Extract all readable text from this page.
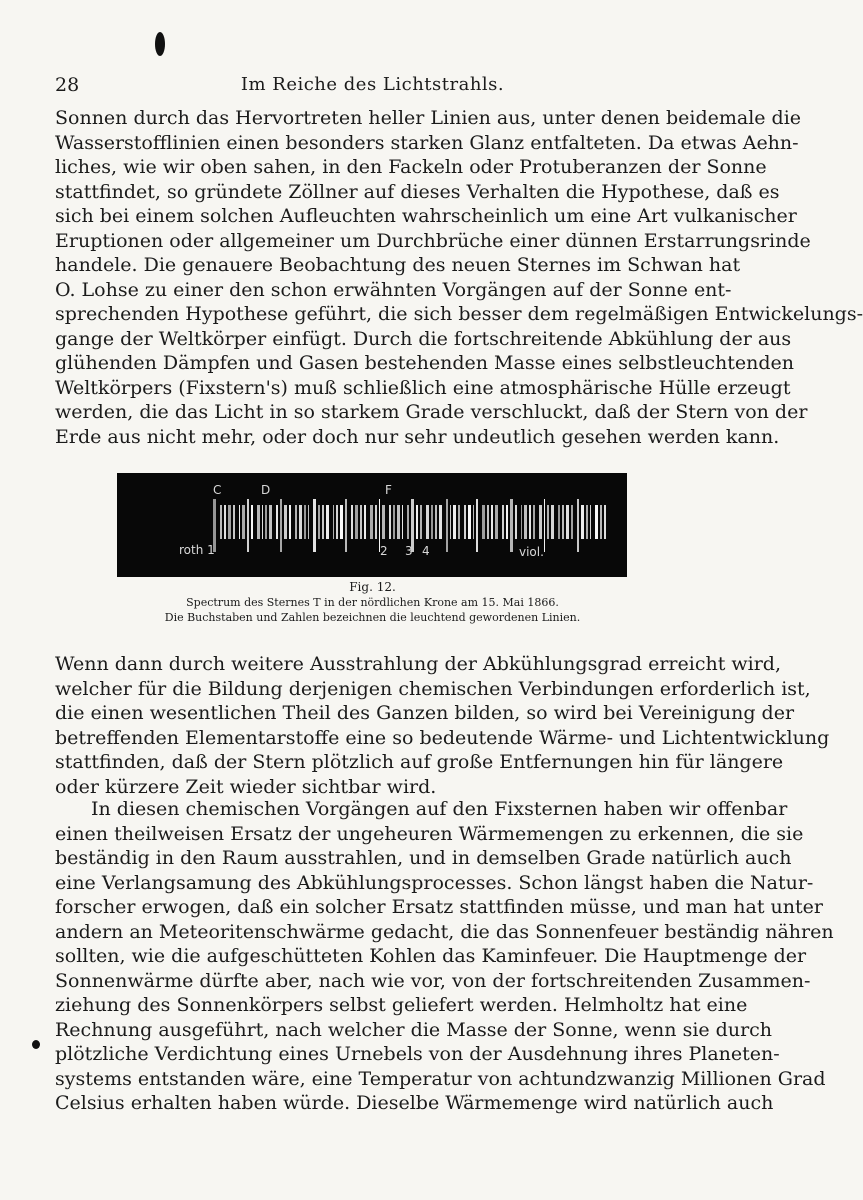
28	Im Reiche des Lichtstrahls.
Sonnen durch das Hervortreten heller Linien aus, unter denen beidemale die
Wasserstofflinien einen besonders starken Glanz entfalteten. Da etwas Aehn-
liches, wie wir oben sahen, in den Fackeln oder Protuberanzen der Sonne
stattfindet, so gründete Zöllner auf dieses Verhalten die Hypothese, daß es
sich bei einem solchen Aufleuchten wahrscheinlich um eine Art vulkanischer
Eruptionen oder allgemeiner um Durchbrüche einer dünnen Erstarrungsrinde
handele. Die genauere Beobachtung des neuen Sternes im Schwan hat
O. Lohse zu einer den schon erwähnten Vorgängen auf der Sonne ent-
sprechenden Hypothese geführt, die sich besser dem regelmäßigen Entwickelungs-
gange der Weltkörper einfügt. Durch die fortschreitende Abkühlung der aus
glühenden Dämpfen und Gasen bestehenden Masse eines selbstleuchtenden
Weltkörpers (Fixstern's) muß schließlich eine atmosphärische Hülle erzeugt
werden, die das Licht in so starkem Grade verschluckt, daß der Stern von der
Erde aus nicht mehr, oder doch nur sehr undeutlich gesehen werden kann.
C	D	F
roth 1	2 3 4	viol.
Fig. 12.
Spectrum des Sternes T in der nördlichen Krone am 15. Mai 1866.
Die Buchstaben und Zahlen bezeichnen die leuchtend gewordenen Linien.
Wenn dann durch weitere Ausstrahlung der Abkühlungsgrad erreicht wird,
welcher für die Bildung derjenigen chemischen Verbindungen erforderlich ist,
die einen wesentlichen Theil des Ganzen bilden, so wird bei Vereinigung der
betreffenden Elementarstoffe eine so bedeutende Wärme- und Lichtentwicklung
stattfinden, daß der Stern plötzlich auf große Entfernungen hin für längere
oder kürzere Zeit wieder sichtbar wird.
In diesen chemischen Vorgängen auf den Fixsternen haben wir offenbar
einen theilweisen Ersatz der ungeheuren Wärmemengen zu erkennen, die sie
beständig in den Raum ausstrahlen, und in demselben Grade natürlich auch
eine Verlangsamung des Abkühlungsprocesses. Schon längst haben die Natur-
forscher erwogen, daß ein solcher Ersatz stattfinden müsse, und man hat unter
andern an Meteoritenschwärme gedacht, die das Sonnenfeuer beständig nähren
sollten, wie die aufgeschütteten Kohlen das Kaminfeuer. Die Hauptmenge der
Sonnenwärme dürfte aber, nach wie vor, von der fortschreitenden Zusammen-
ziehung des Sonnenkörpers selbst geliefert werden. Helmholtz hat eine
Rechnung ausgeführt, nach welcher die Masse der Sonne, wenn sie durch
plötzliche Verdichtung eines Urnebels von der Ausdehnung ihres Planeten-
systems entstanden wäre, eine Temperatur von achtundzwanzig Millionen Grad
Celsius erhalten haben würde. Dieselbe Wärmemenge wird natürlich auch
